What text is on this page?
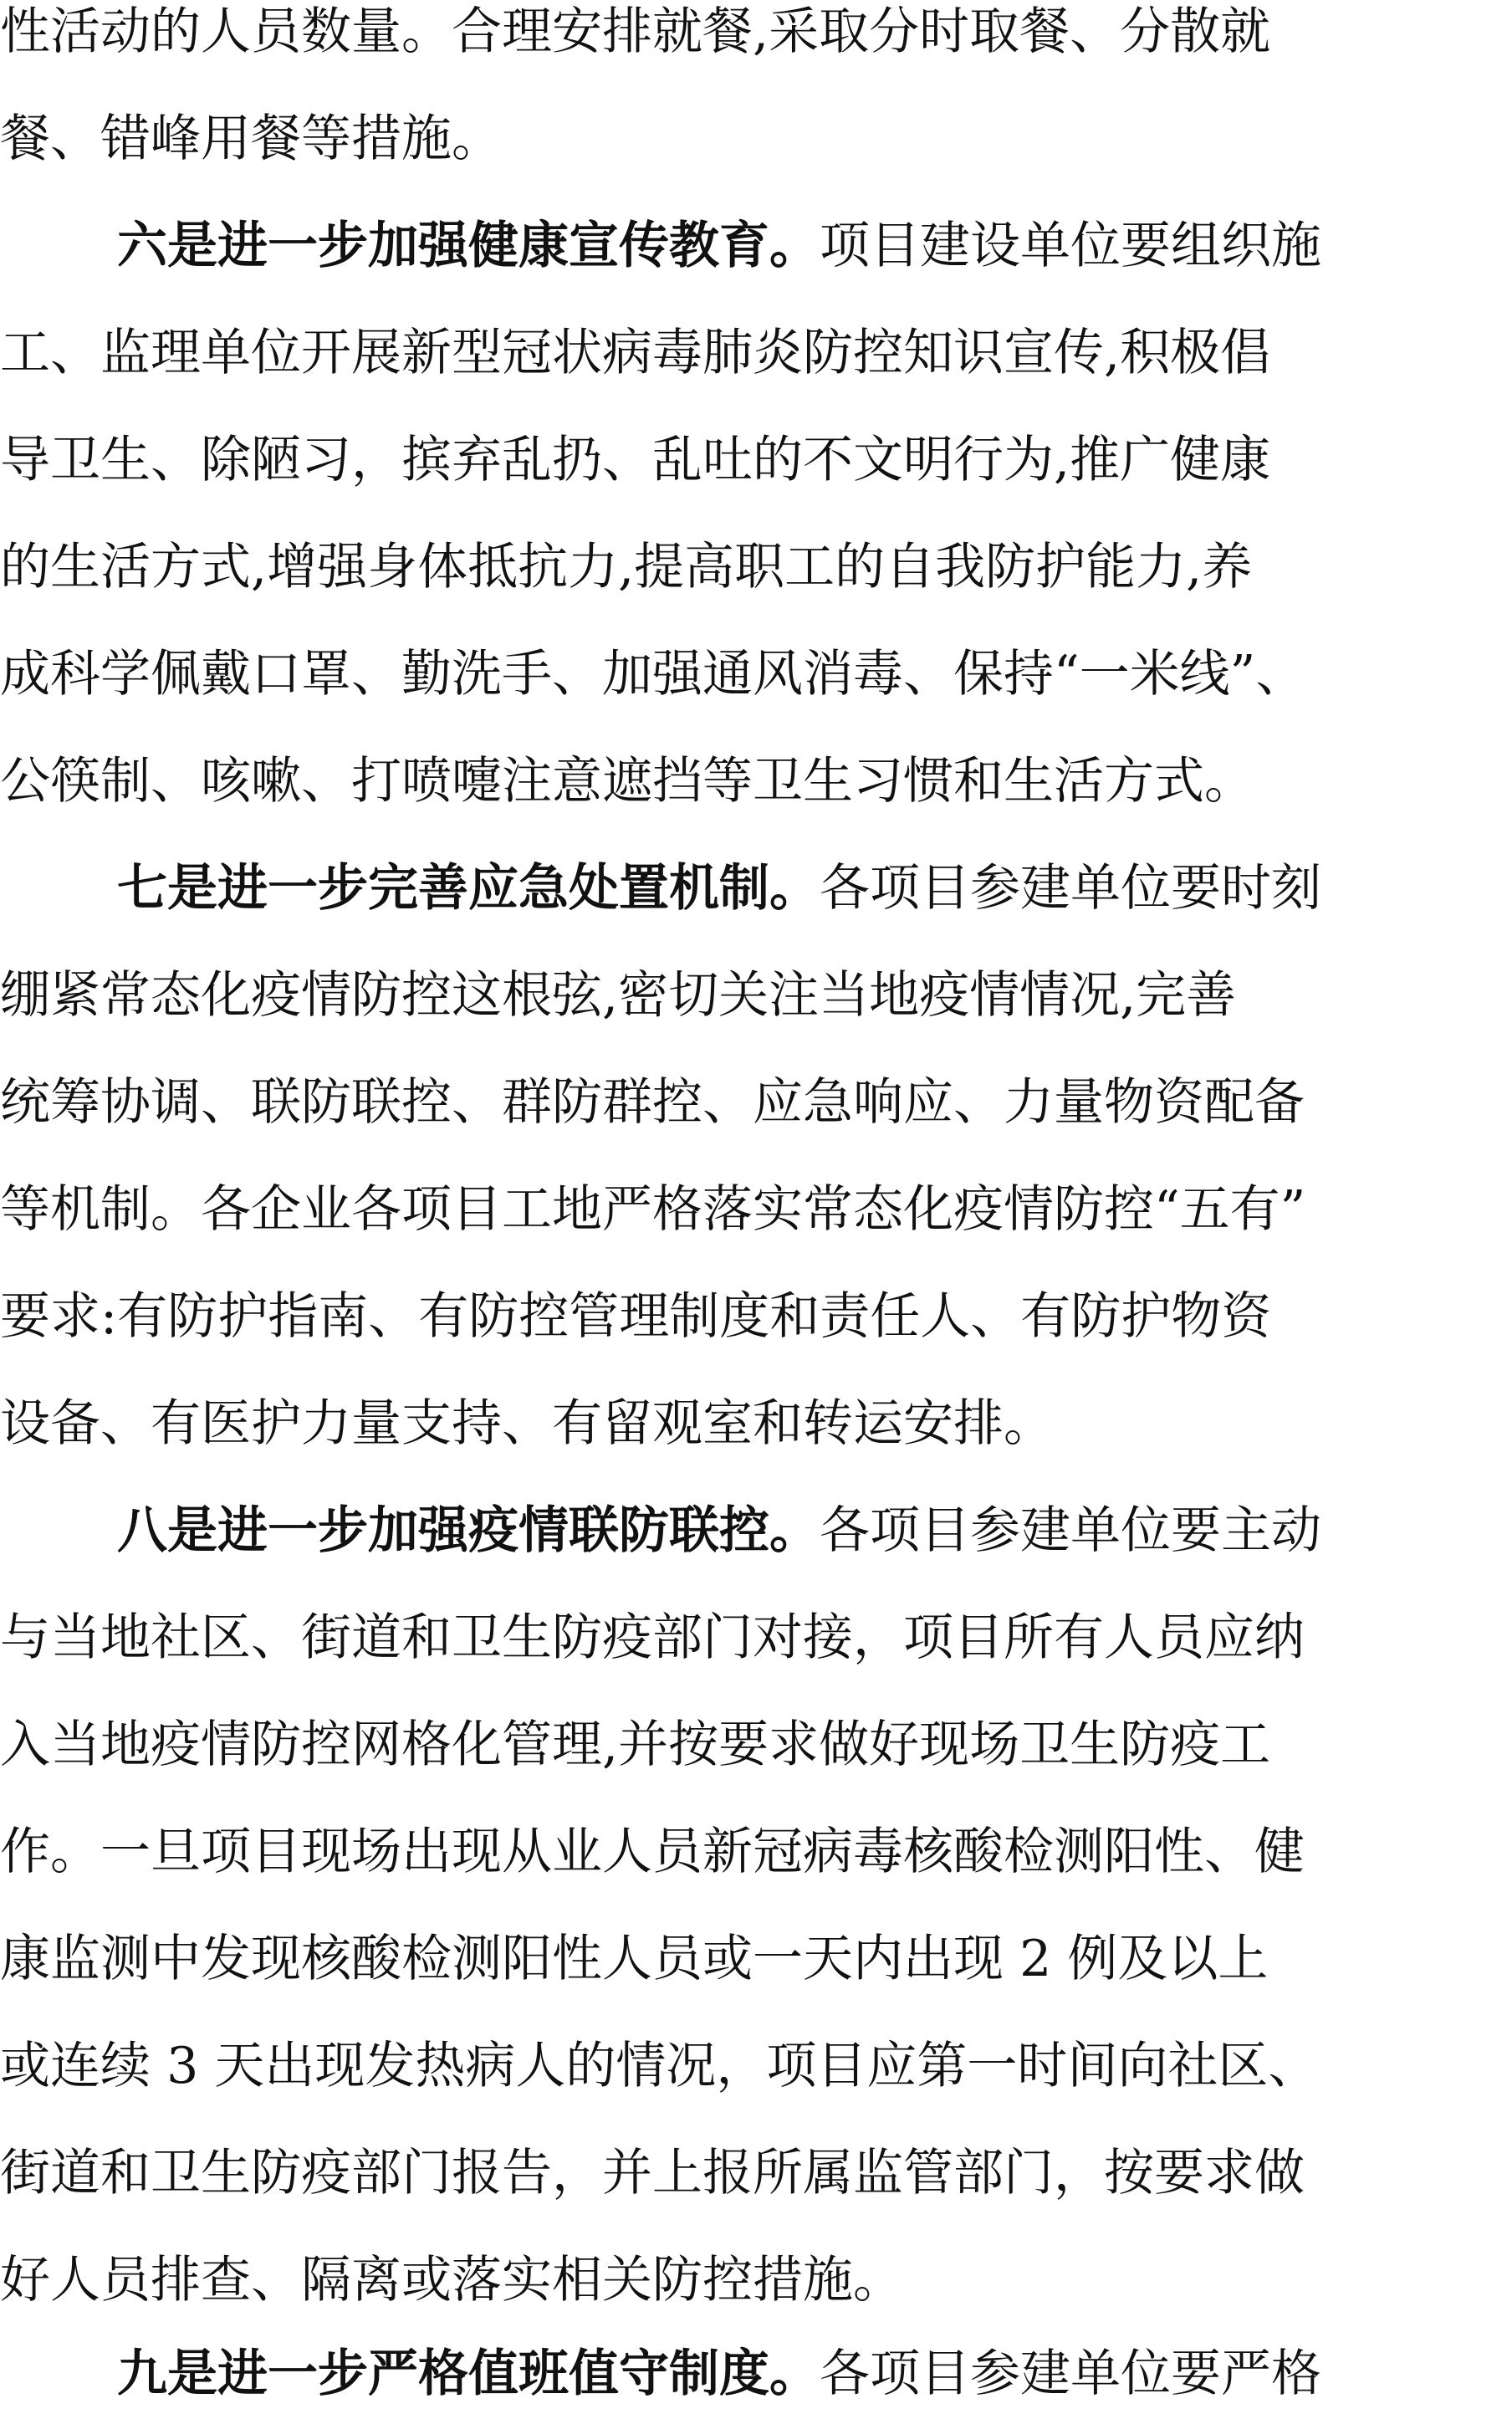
性活动的人员数量。合理安排就餐,采取分时取餐、分散就
餐、错峰用餐等措施。
六是进一步加强健康宣传教育。项目建设单位要组织施
工、监理单位开展新型冠状病毒肺炎防控知识宣传,积极倡
导卫生、除陋习，摈弃乱扔、乱吐的不文明行为,推广健康
的生活方式,增强身体抵抗力,提高职工的自我防护能力,养
成科学佩戴口罩、勤洗手、加强通风消毒、保持“一米线”、
公筷制、咳嗽、打喷嚏注意遮挡等卫生习惯和生活方式。
七是进一步完善应急处置机制。各项目参建单位要时刻
绷紧常态化疫情防控这根弦,密切关注当地疫情情况,完善
统筹协调、联防联控、群防群控、应急响应、力量物资配备
等机制。各企业各项目工地严格落实常态化疫情防控“五有”
要求:有防护指南、有防控管理制度和责任人、有防护物资
设备、有医护力量支持、有留观室和转运安排。
八是进一步加强疫情联防联控。各项目参建单位要主动
与当地社区、街道和卫生防疫部门对接，项目所有人员应纳
入当地疫情防控网格化管理,并按要求做好现场卫生防疫工
作。一旦项目现场出现从业人员新冠病毒核酸检测阳性、健
康监测中发现核酸检测阳性人员或一天内出现 2 例及以上
或连续 3 天出现发热病人的情况，项目应第一时间向社区、
街道和卫生防疫部门报告，并上报所属监管部门，按要求做
好人员排查、隔离或落实相关防控措施。
九是进一步严格值班值守制度。各项目参建单位要严格
